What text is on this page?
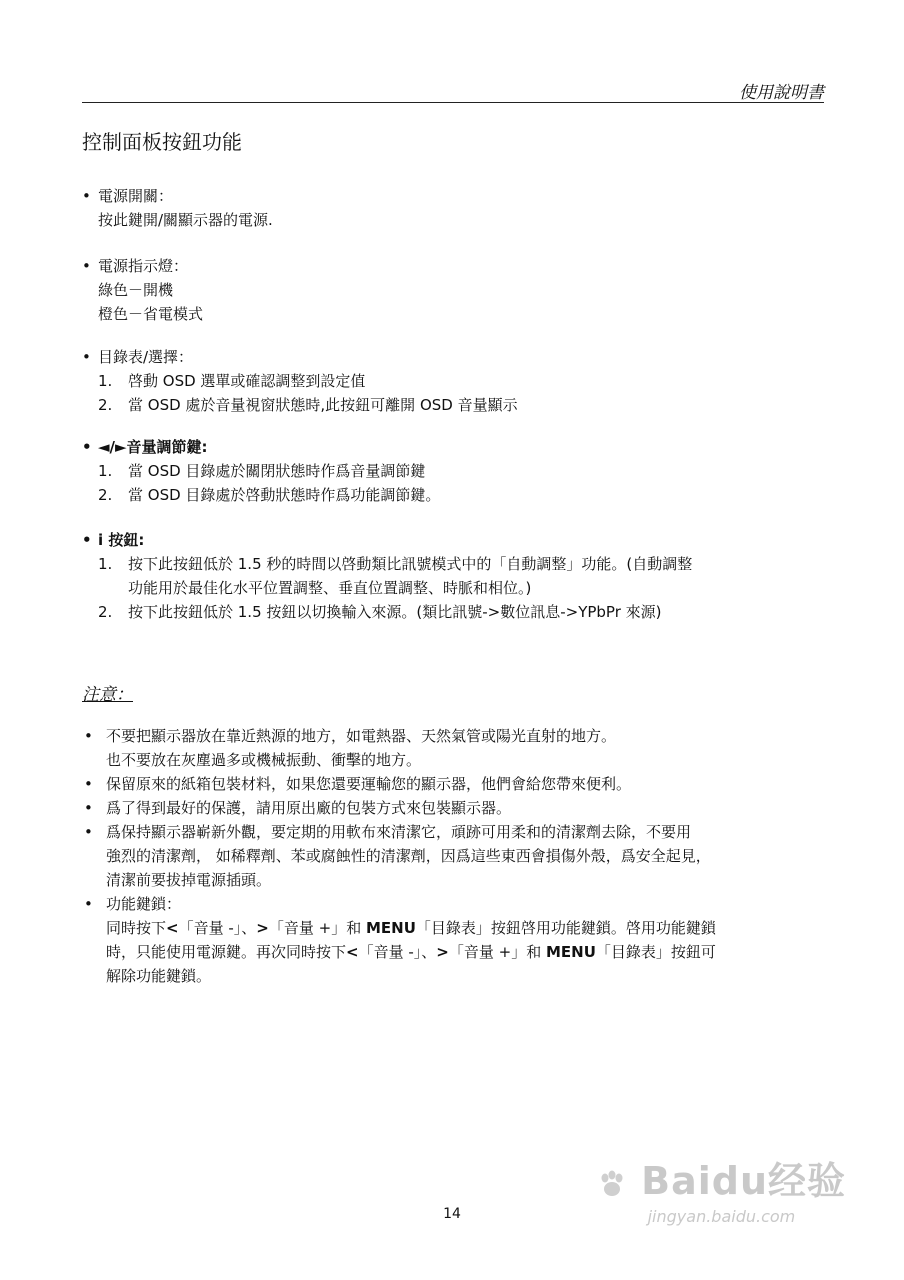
使用說明書
控制面板按鈕功能
• 電源開關：
按此鍵開/關顯示器的電源.
• 電源指示燈：
綠色－開機
橙色－省電模式
• 目錄表/選擇：
1. 啓動 OSD 選單或確認調整到設定值
2. 當 OSD 處於音量視窗狀態時,此按鈕可離開 OSD 音量顯示
• ◄/►音量調節鍵:
1. 當 OSD 目錄處於關閉狀態時作爲音量調節鍵
2. 當 OSD 目錄處於啓動狀態時作爲功能調節鍵。
• i 按鈕:
1. 按下此按鈕低於 1.5 秒的時間以啓動類比訊號模式中的「自動調整」功能。(自動調整
功能用於最佳化水平位置調整、垂直位置調整、時脈和相位。)
2. 按下此按鈕低於 1.5 按鈕以切換輸入來源。(類比訊號->數位訊息->YPbPr 來源)
注意：
• 不要把顯示器放在靠近熱源的地方，如電熱器、天然氣管或陽光直射的地方。
也不要放在灰塵過多或機械振動、衝擊的地方。
• 保留原來的紙箱包裝材料，如果您還要運輸您的顯示器，他們會給您帶來便利。
• 爲了得到最好的保護，請用原出廠的包裝方式來包裝顯示器。
• 爲保持顯示器嶄新外觀，要定期的用軟布來清潔它，頑跡可用柔和的清潔劑去除，不要用
強烈的清潔劑， 如稀釋劑、苯或腐蝕性的清潔劑，因爲這些東西會損傷外殼，爲安全起見，
清潔前要拔掉電源插頭。
• 功能鍵鎖：
同時按下<「音量 -」、>「音量 +」和 MENU「目錄表」按鈕啓用功能鍵鎖。啓用功能鍵鎖
時，只能使用電源鍵。再次同時按下<「音量 -」、>「音量 +」和 MENU「目錄表」按鈕可
解除功能鍵鎖。
14
Baidu经验
jingyan.baidu.com
